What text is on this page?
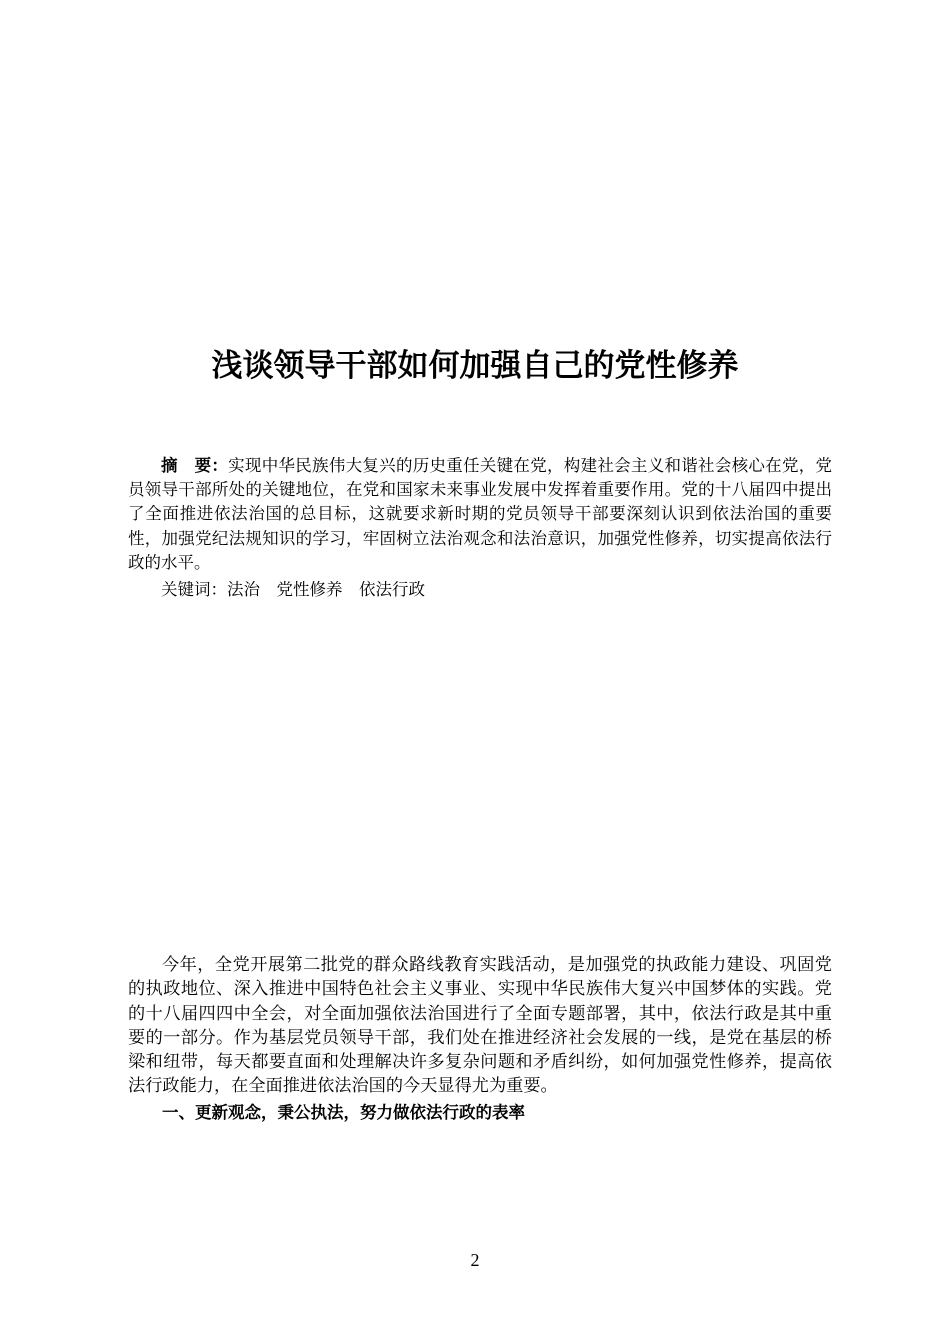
浅谈领导干部如何加强自己的党性修养

摘　要：实现中华民族伟大复兴的历史重任关键在党，构建社会主义和谐社会核心在党，党员领导干部所处的关键地位，在党和国家未来事业发展中发挥着重要作用。党的十八届四中提出了全面推进依法治国的总目标，这就要求新时期的党员领导干部要深刻认识到依法治国的重要性，加强党纪法规知识的学习，牢固树立法治观念和法治意识，加强党性修养，切实提高依法行政的水平。

关键词：法治 党性修养 依法行政

今年，全党开展第二批党的群众路线教育实践活动，是加强党的执政能力建设、巩固党的执政地位、深入推进中国特色社会主义事业、实现中华民族伟大复兴中国梦体的实践。党的十八届四四中全会，对全面加强依法治国进行了全面专题部署，其中，依法行政是其中重要的一部分。作为基层党员领导干部，我们处在推进经济社会发展的一线，是党在基层的桥梁和纽带，每天都要直面和处理解决许多复杂问题和矛盾纠纷，如何加强党性修养，提高依法行政能力，在全面推进依法治国的今天显得尤为重要。

一、更新观念，秉公执法，努力做依法行政的表率

2
